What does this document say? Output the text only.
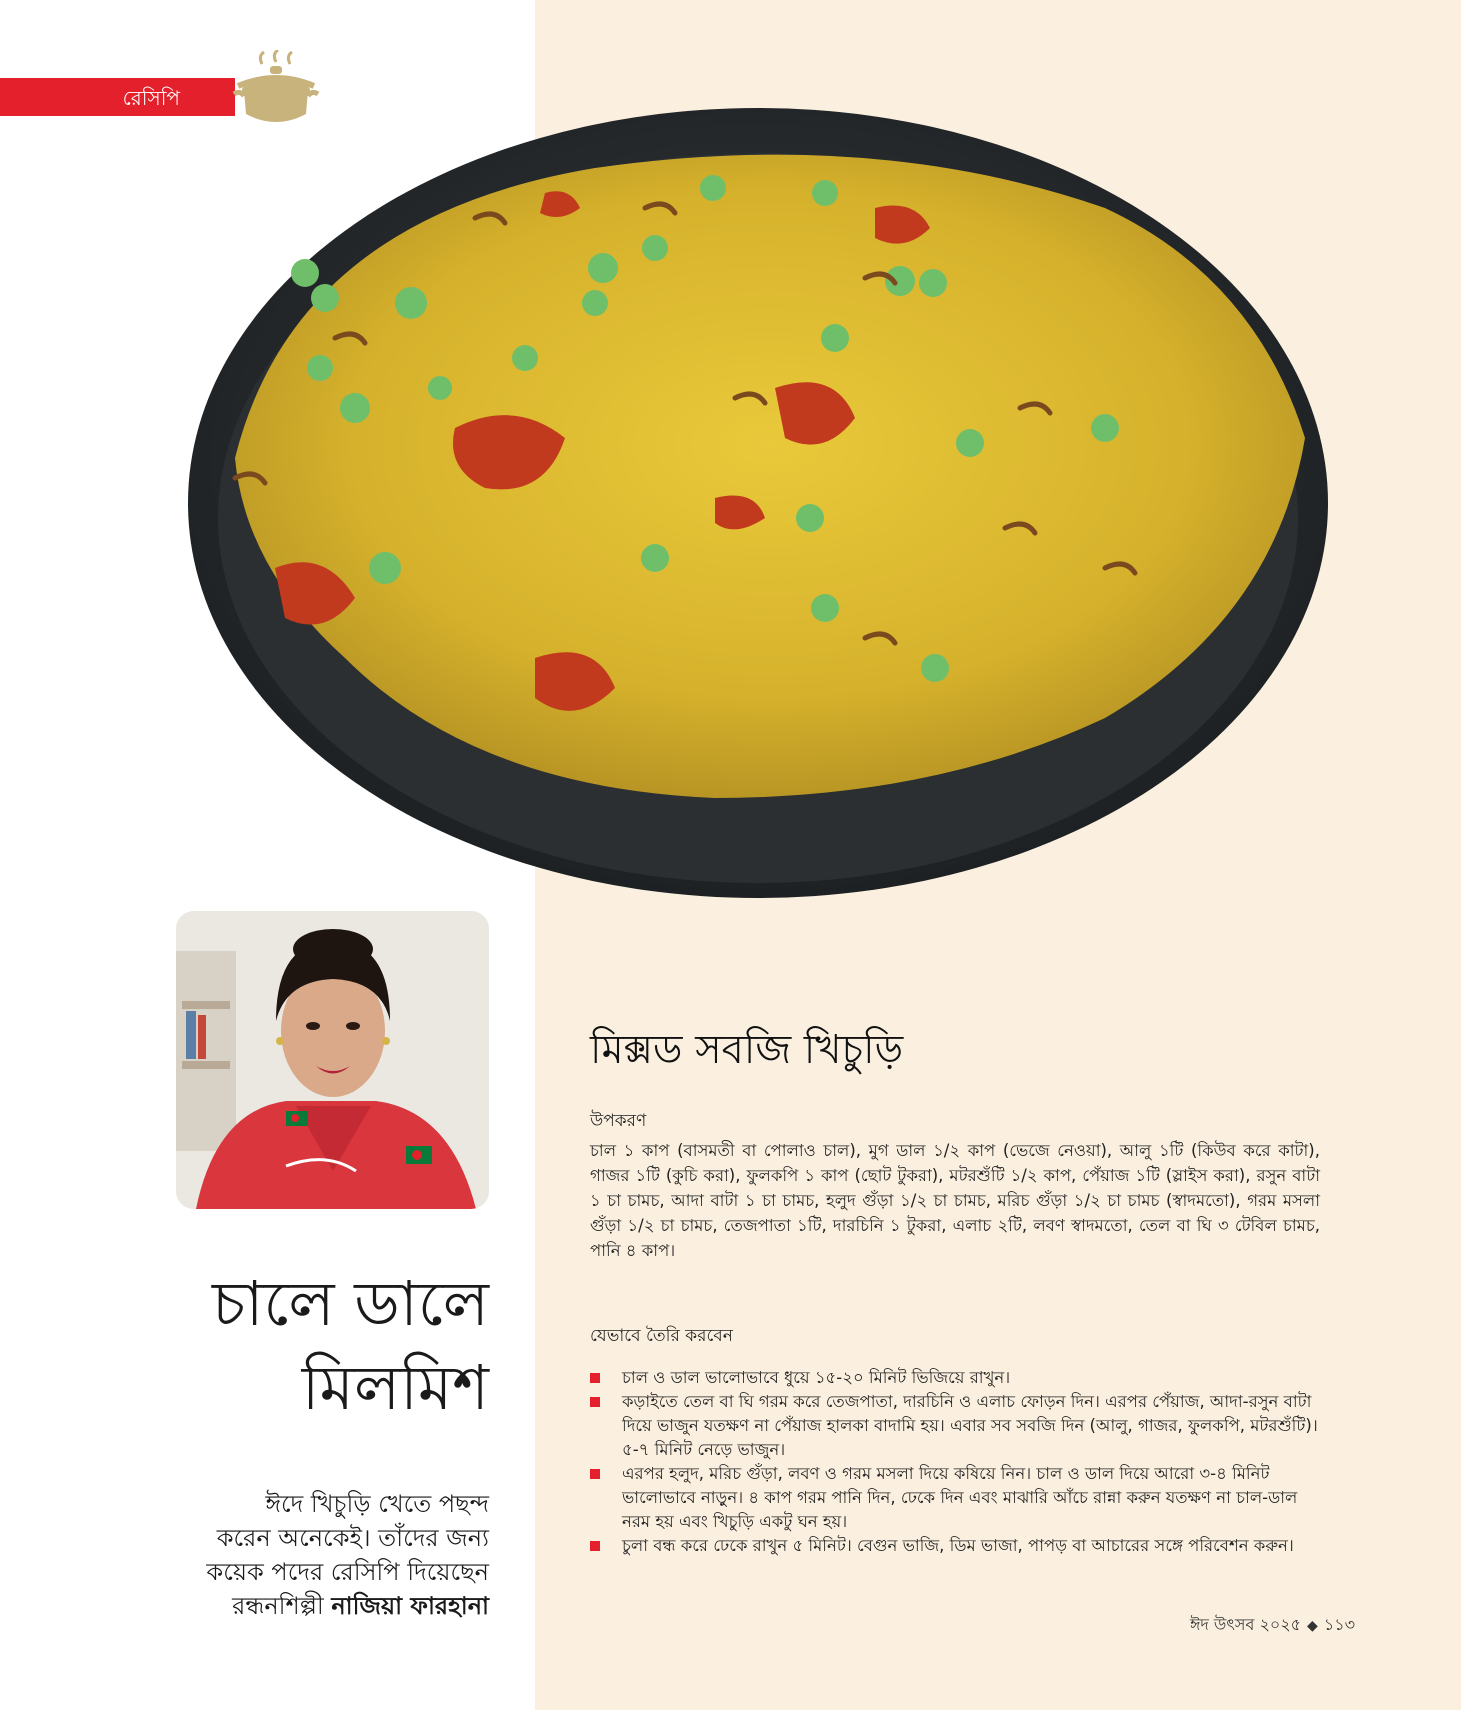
রেসিপি
চালে ডালে
মিলমিশ
ঈদে খিচুড়ি খেতে পছন্দ
করেন অনেকেই। তাঁদের জন্য
কয়েক পদের রেসিপি দিয়েছেন
রন্ধনশিল্পী নাজিয়া ফারহানা
মিক্সড সবজি খিচুড়ি
উপকরণ
চাল ১ কাপ (বাসমতী বা পোলাও চাল), মুগ ডাল ১/২ কাপ (ভেজে নেওয়া), আলু ১টি (কিউব করে কাটা), গাজর ১টি (কুচি করা), ফুলকপি ১ কাপ (ছোট টুকরা), মটরশুঁটি ১/২ কাপ, পেঁয়াজ ১টি (স্লাইস করা), রসুন বাটা ১ চা চামচ, আদা বাটা ১ চা চামচ, হলুদ গুঁড়া ১/২ চা চামচ, মরিচ গুঁড়া ১/২ চা চামচ (স্বাদমতো), গরম মসলা গুঁড়া ১/২ চা চামচ, তেজপাতা ১টি, দারচিনি ১ টুকরা, এলাচ ২টি, লবণ স্বাদমতো, তেল বা ঘি ৩ টেবিল চামচ, পানি ৪ কাপ।
যেভাবে তৈরি করবেন
চাল ও ডাল ভালোভাবে ধুয়ে ১৫-২০ মিনিট ভিজিয়ে রাখুন।
কড়াইতে তেল বা ঘি গরম করে তেজপাতা, দারচিনি ও এলাচ ফোড়ন দিন। এরপর পেঁয়াজ, আদা-রসুন বাটা দিয়ে ভাজুন যতক্ষণ না পেঁয়াজ হালকা বাদামি হয়। এবার সব সবজি দিন (আলু, গাজর, ফুলকপি, মটরশুঁটি)। ৫-৭ মিনিট নেড়ে ভাজুন।
এরপর হলুদ, মরিচ গুঁড়া, লবণ ও গরম মসলা দিয়ে কষিয়ে নিন। চাল ও ডাল দিয়ে আরো ৩-৪ মিনিট ভালোভাবে নাড়ুন। ৪ কাপ গরম পানি দিন, ঢেকে দিন এবং মাঝারি আঁচে রান্না করুন যতক্ষণ না চাল-ডাল নরম হয় এবং খিচুড়ি একটু ঘন হয়।
চুলা বন্ধ করে ঢেকে রাখুন ৫ মিনিট। বেগুন ভাজি, ডিম ভাজা, পাপড় বা আচারের সঙ্গে পরিবেশন করুন।
ঈদ উৎসব ২০২৫ ◆ ১১৩
